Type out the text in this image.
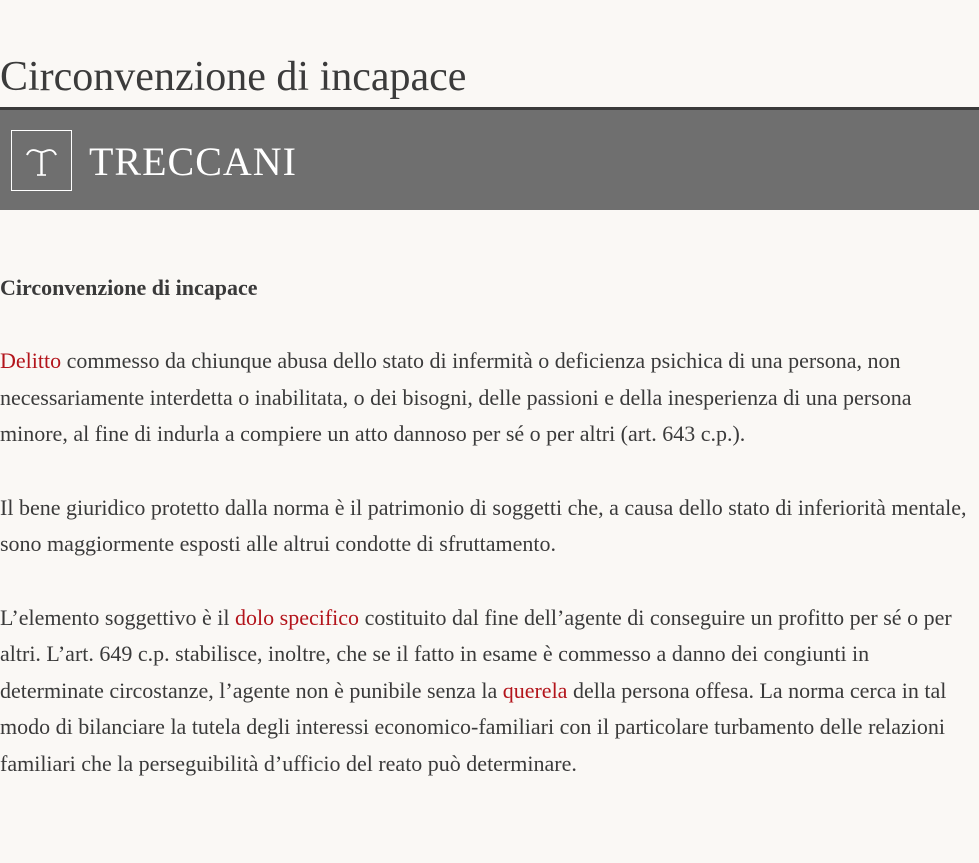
Circonvenzione di incapace
TRECCANI
Circonvenzione di incapace

Delitto commesso da chiunque abusa dello stato di infermità o deficienza psichica di una persona, non necessariamente interdetta o inabilitata, o dei bisogni, delle passioni e della inesperienza di una persona minore, al fine di indurla a compiere un atto dannoso per sé o per altri (art. 643 c.p.).

Il bene giuridico protetto dalla norma è il patrimonio di soggetti che, a causa dello stato di inferiorità mentale, sono maggiormente esposti alle altrui condotte di sfruttamento.

L’elemento soggettivo è il dolo specifico costituito dal fine dell’agente di conseguire un profitto per sé o per altri. L’art. 649 c.p. stabilisce, inoltre, che se il fatto in esame è commesso a danno dei congiunti in determinate circostanze, l’agente non è punibile senza la querela della persona offesa. La norma cerca in tal modo di bilanciare la tutela degli interessi economico-familiari con il particolare turbamento delle relazioni familiari che la perseguibilità d’ufficio del reato può determinare.
